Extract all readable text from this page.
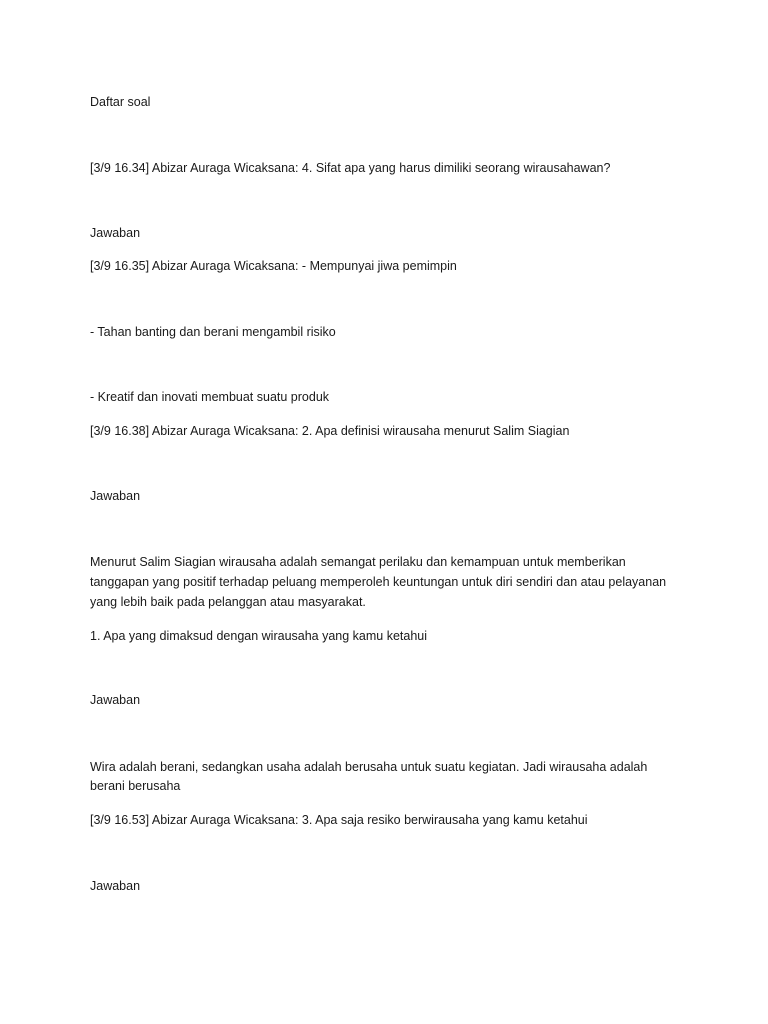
Daftar soal
[3/9 16.34] Abizar Auraga Wicaksana: 4. Sifat apa yang harus dimiliki seorang wirausahawan?
Jawaban
[3/9 16.35] Abizar Auraga Wicaksana: - Mempunyai jiwa pemimpin
- Tahan banting dan berani mengambil risiko
- Kreatif dan inovati membuat suatu produk
[3/9 16.38] Abizar Auraga Wicaksana: 2. Apa definisi wirausaha menurut Salim Siagian
Jawaban
Menurut Salim Siagian wirausaha adalah semangat perilaku dan kemampuan untuk memberikan
tanggapan yang positif terhadap peluang memperoleh keuntungan untuk diri sendiri dan atau pelayanan
yang lebih baik pada pelanggan atau masyarakat.
1. Apa yang dimaksud dengan wirausaha yang kamu ketahui
Jawaban
Wira adalah berani, sedangkan usaha adalah berusaha untuk suatu kegiatan. Jadi wirausaha adalah
berani berusaha
[3/9 16.53] Abizar Auraga Wicaksana: 3. Apa saja resiko berwirausaha yang kamu ketahui
Jawaban
